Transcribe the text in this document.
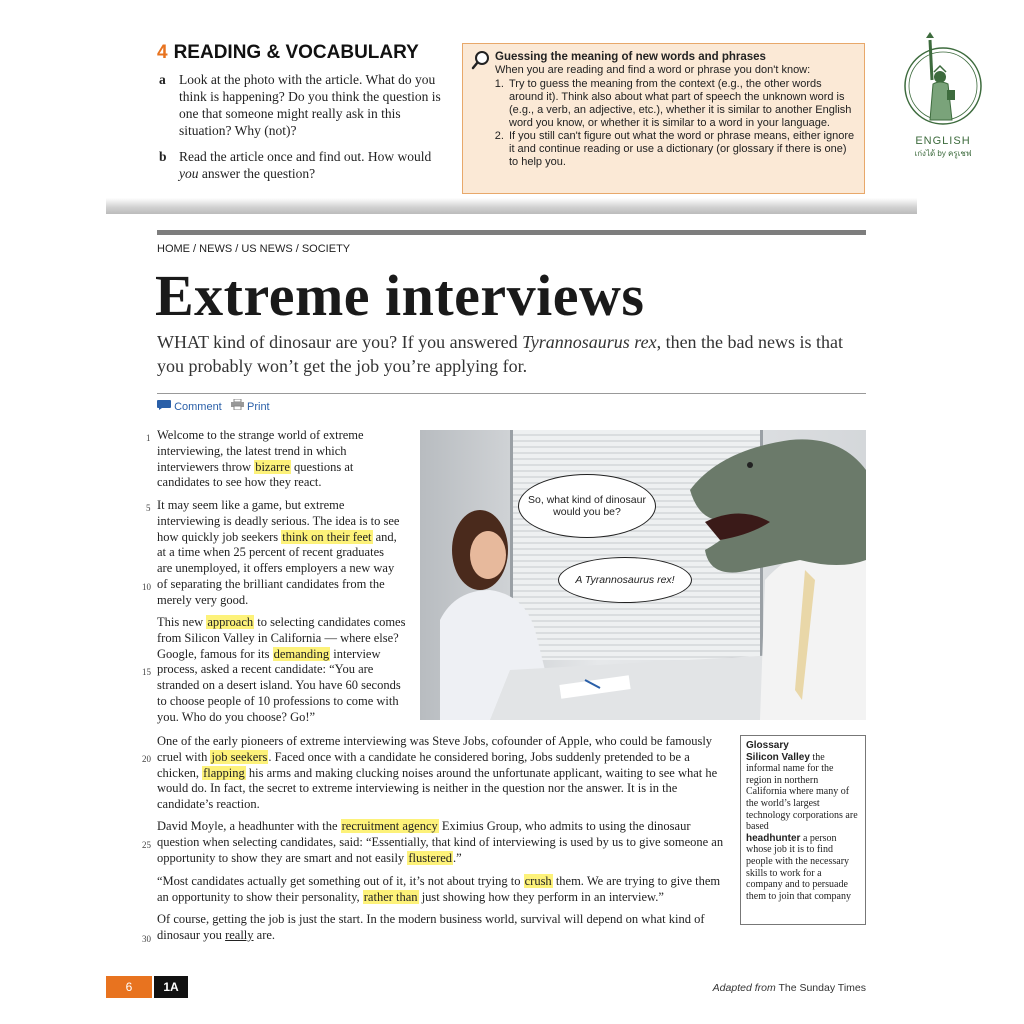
4 READING & VOCABULARY
a Look at the photo with the article. What do you think is happening? Do you think the question is one that someone might really ask in this situation? Why (not)?
b Read the article once and find out. How would you answer the question?
Guessing the meaning of new words and phrases
When you are reading and find a word or phrase you don't know:
1. Try to guess the meaning from the context (e.g., the other words around it). Think also about what part of speech the unknown word is (e.g., a verb, an adjective, etc.), whether it is similar to another English word you know, or whether it is similar to a word in your language.
2. If you still can't figure out what the word or phrase means, either ignore it and continue reading or use a dictionary (or glossary if there is one) to help you.
ENGLISH
เก่งได้ by ครูเชฟ
HOME / NEWS / US NEWS / SOCIETY
Extreme interviews
WHAT kind of dinosaur are you? If you answered Tyrannosaurus rex, then the bad news is that you probably won’t get the job you’re applying for.
Comment Print
1
5
10
15
20
25
30
Welcome to the strange world of extreme interviewing, the latest trend in which interviewers throw bizarre questions at candidates to see how they react.
It may seem like a game, but extreme interviewing is deadly serious. The idea is to see how quickly job seekers think on their feet and, at a time when 25 percent of recent graduates are unemployed, it offers employers a new way of separating the brilliant candidates from the merely very good.
This new approach to selecting candidates comes from Silicon Valley in California — where else? Google, famous for its demanding interview process, asked a recent candidate: “You are stranded on a desert island. You have 60 seconds to choose people of 10 professions to come with you. Who do you choose? Go!”
One of the early pioneers of extreme interviewing was Steve Jobs, cofounder of Apple, who could be famously cruel with job seekers. Faced once with a candidate he considered boring, Jobs suddenly pretended to be a chicken, flapping his arms and making clucking noises around the unfortunate applicant, waiting to see what he would do. In fact, the secret to extreme interviewing is neither in the question nor the answer. It is in the candidate’s reaction.
David Moyle, a headhunter with the recruitment agency Eximius Group, who admits to using the dinosaur question when selecting candidates, said: “Essentially, that kind of interviewing is used by us to give someone an opportunity to show they are smart and not easily flustered.”
“Most candidates actually get something out of it, it’s not about trying to crush them. We are trying to give them an opportunity to show their personality, rather than just showing how they perform in an interview.”
Of course, getting the job is just the start. In the modern business world, survival will depend on what kind of dinosaur you really are.
So, what kind of dinosaur would you be?
A Tyrannosaurus rex!
Glossary
Silicon Valley the informal name for the region in northern California where many of the world’s largest technology corporations are based
headhunter a person whose job it is to find people with the necessary skills to work for a company and to persuade them to join that company
6	1A	Adapted from The Sunday Times
